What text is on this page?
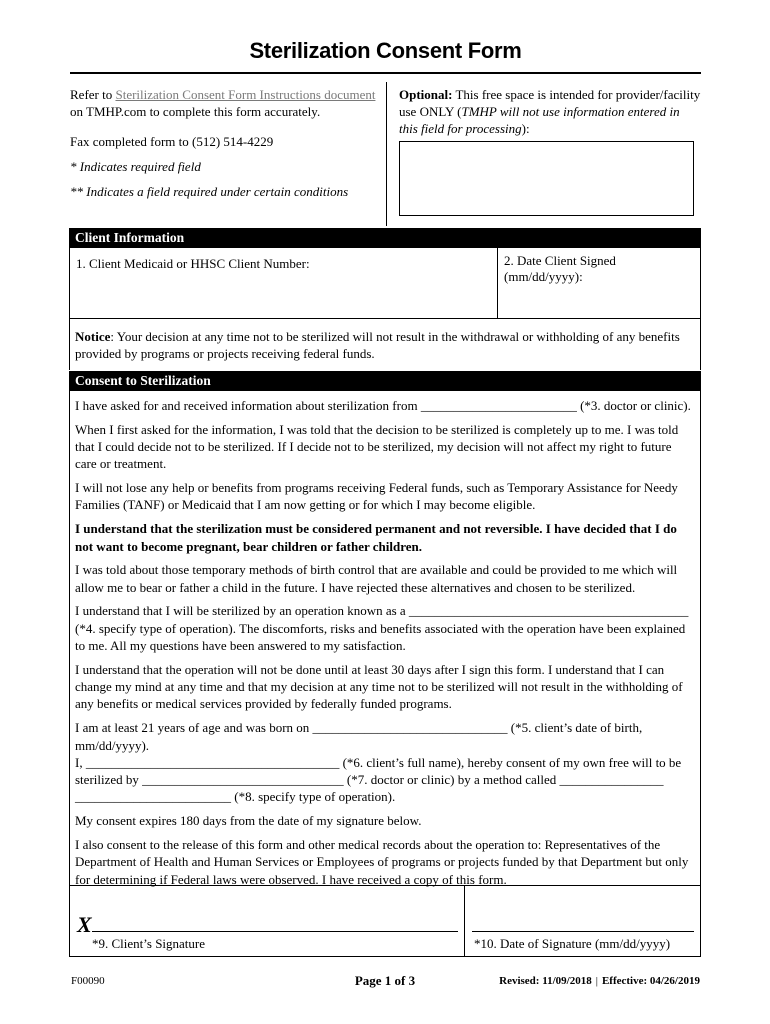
Sterilization Consent Form

Refer to Sterilization Consent Form Instructions document on TMHP.com to complete this form accurately.

Fax completed form to (512) 514-4229

* Indicates required field

** Indicates a field required under certain conditions

Optional: This free space is intended for provider/facility use ONLY (TMHP will not use information entered in this field for processing):

Client Information
1. Client Medicaid or HHSC Client Number:	2. Date Client Signed (mm/dd/yyyy):
Notice: Your decision at any time not to be sterilized will not result in the withdrawal or withholding of any benefits provided by programs or projects receiving federal funds.
Consent to Sterilization

I have asked for and received information about sterilization from ________________________ (*3. doctor or clinic).

When I first asked for the information, I was told that the decision to be sterilized is completely up to me. I was told that I could decide not to be sterilized. If I decide not to be sterilized, my decision will not affect my right to future care or treatment.

I will not lose any help or benefits from programs receiving Federal funds, such as Temporary Assistance for Needy Families (TANF) or Medicaid that I am now getting or for which I may become eligible.

I understand that the sterilization must be considered permanent and not reversible. I have decided that I do not want to become pregnant, bear children or father children.

I was told about those temporary methods of birth control that are available and could be provided to me which will allow me to bear or father a child in the future. I have rejected these alternatives and chosen to be sterilized.

I understand that I will be sterilized by an operation known as a ___________________________________________ (*4. specify type of operation). The discomforts, risks and benefits associated with the operation have been explained to me. All my questions have been answered to my satisfaction.

I understand that the operation will not be done until at least 30 days after I sign this form. I understand that I can change my mind at any time and that my decision at any time not to be sterilized will not result in the withholding of any benefits or medical services provided by federally funded programs.

I am at least 21 years of age and was born on ______________________________ (*5. client’s date of birth, mm/dd/yyyy).

I, _______________________________________ (*6. client’s full name), hereby consent of my own free will to be

sterilized by _______________________________ (*7. doctor or clinic) by a method called ________________

________________________ (*8. specify type of operation).

My consent expires 180 days from the date of my signature below.

I also consent to the release of this form and other medical records about the operation to: Representatives of the Department of Health and Human Services or Employees of programs or projects funded by that Department but only for determining if Federal laws were observed. I have received a copy of this form.

X
*9. Client’s Signature	*10. Date of Signature (mm/dd/yyyy)
F00090	Page 1 of 3	Revised: 11/09/2018 | Effective: 04/26/2019
